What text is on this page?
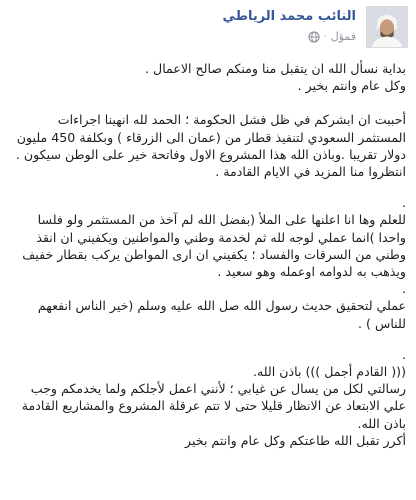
النائب محمد الرياطي
فمؤل
·

بداية نسأل الله ان يتقبل منا ومنكم صالح الاعمال .
وكل عام وانتم بخير .

أحببت ان ابشركم في ظل فشل الحكومة ؛ الحمد لله انهينا اجراءات المستثمر السعودي لتنفيذ قطار من (عمان الى الزرقاء ) وبكلفة 450 مليون دولار تقريبا .وباذن الله هذا المشروع الاول وفاتحة خير على الوطن سيكون .
انتظروا منا المزيد في الايام القادمة .

.
للعلم وها انا اعلنها على الملأ (بفضل الله لم آخذ من المستثمر ولو فلسا واحدا )انما عملي لوجه لله ثم لخدمة وطني والمواطنين ويكفيني ان انقذ وطني من السرقات والفساد ؛ يكفيني ان ارى المواطن يركب بقطار خفيف ويذهب به لدوامه اوعمله وهو سعيد .

.
عملي لتحقيق حديث رسول الله صل الله عليه وسلم (خير الناس انفعهم للناس ) .

.
((( القادم أجمل ))) باذن الله.
رسالتي لكل من يسال عن غيابي ؛ لأنني اعمل لأجلكم ولما يخدمكم وجب علي الابتعاد عن الانظار قليلا حتى لا تتم عرقلة المشروع والمشاريع القادمة باذن الله.
أكرر تقبل الله طاعتكم وكل عام وانتم بخير
